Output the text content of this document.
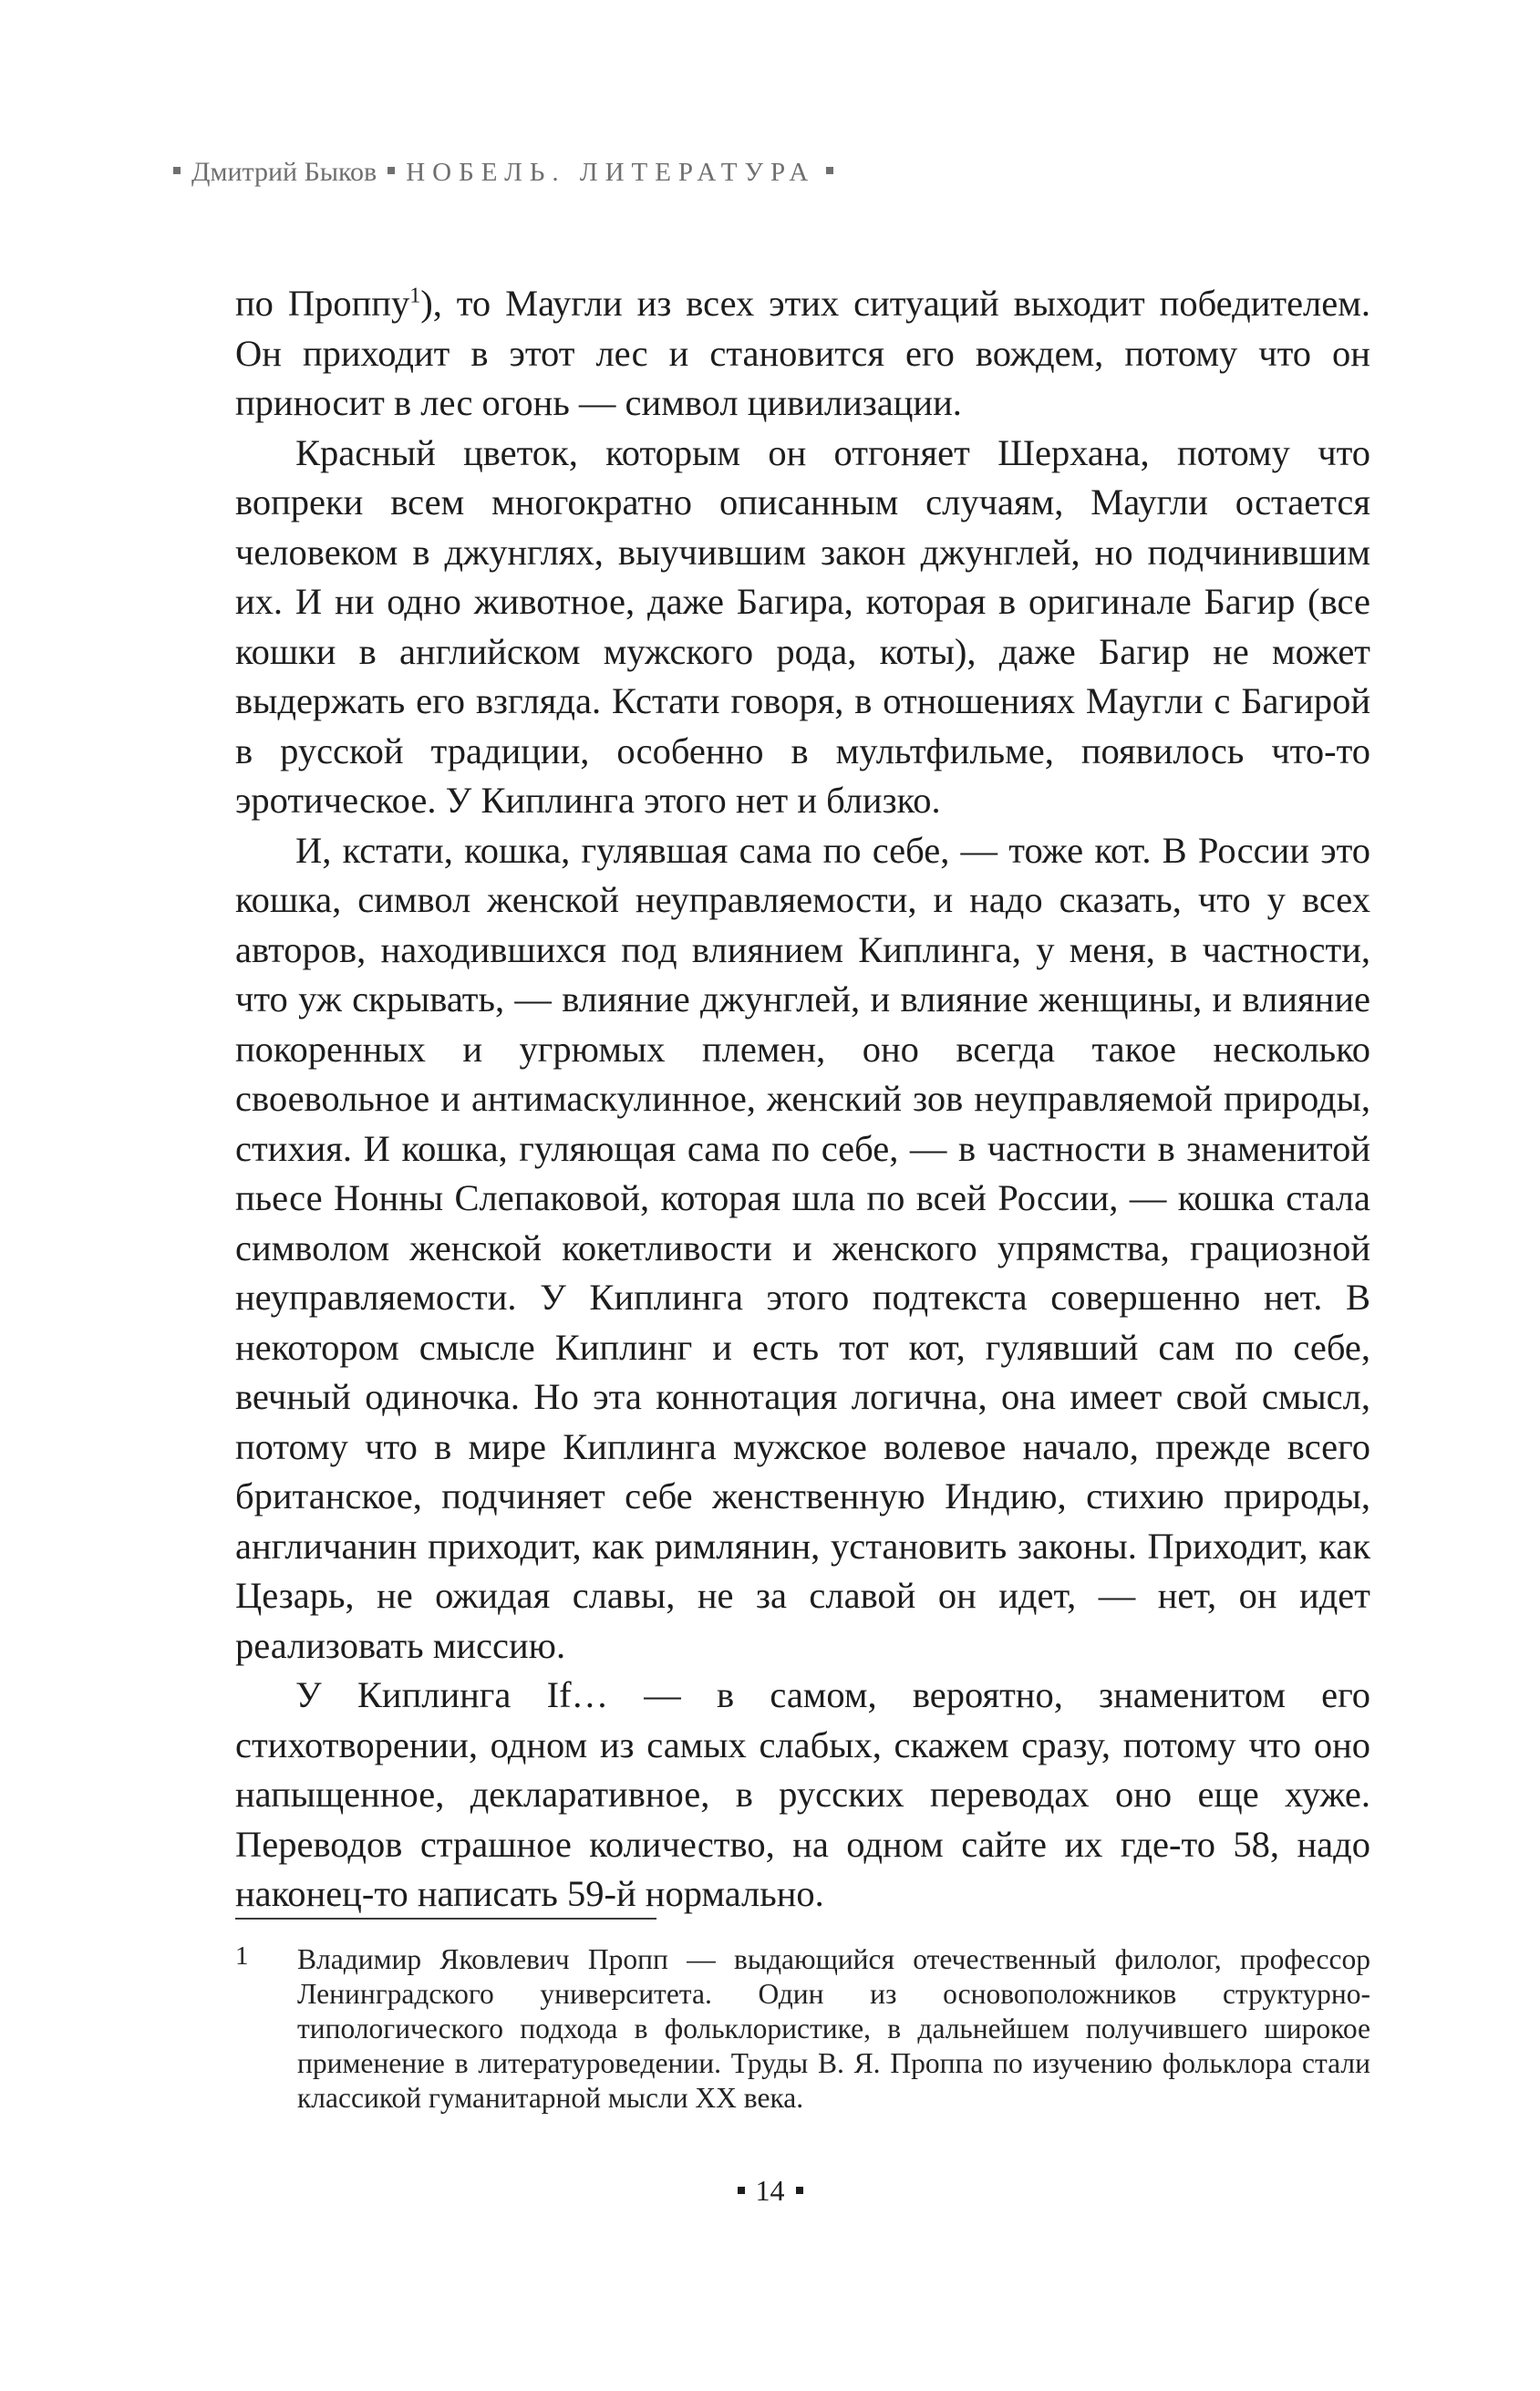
Дмитрий Быков НОБЕЛЬ. ЛИТЕРАТУРА

по Проппу$^1$), то Маугли из всех этих ситуаций выходит победителем. Он приходит в этот лес и становится его вождем, потому что он приносит в лес огонь — символ цивилизации.

Красный цветок, которым он отгоняет Шерхана, потому что вопреки всем многократно описанным случаям, Маугли остается человеком в джунглях, выучившим закон джунглей, но подчинившим их. И ни одно животное, даже Багира, которая в оригинале Багир (все кошки в английском мужского рода, коты), даже Багир не может выдержать его взгляда. Кстати говоря, в отношениях Маугли с Багирой в русской традиции, особенно в мультфильме, появилось что-то эротическое. У Киплинга этого нет и близко.

И, кстати, кошка, гулявшая сама по себе, — тоже кот. В России это кошка, символ женской неуправляемости, и надо сказать, что у всех авторов, находившихся под влиянием Киплинга, у меня, в частности, что уж скрывать, — влияние джунглей, и влияние женщины, и влияние покоренных и угрюмых племен, оно всегда такое несколько своевольное и антимаскулинное, женский зов неуправляемой природы, стихия. И кошка, гуляющая сама по себе, — в частности в знаменитой пьесе Нонны Слепаковой, которая шла по всей России, — кошка стала символом женской кокетливости и женского упрямства, грациозной неуправляемости. У Киплинга этого подтекста совершенно нет. В некотором смысле Киплинг и есть тот кот, гулявший сам по себе, вечный одиночка. Но эта коннотация логична, она имеет свой смысл, потому что в мире Киплинга мужское волевое начало, прежде всего британское, подчиняет себе женственную Индию, стихию природы, англичанин приходит, как римлянин, установить законы. Приходит, как Цезарь, не ожидая славы, не за славой он идет, — нет, он идет реализовать миссию.

У Киплинга If… — в самом, вероятно, знаменитом его стихотворении, одном из самых слабых, скажем сразу, потому что оно напыщенное, декларативное, в русских переводах оно еще хуже. Переводов страшное количество, на одном сайте их где-то 58, надо наконец-то написать 59-й нормально.

1 Владимир Яковлевич Пропп — выдающийся отечественный филолог, профессор Ленинградского университета. Один из основоположников структурно-типологического подхода в фольклористике, в дальнейшем получившего широкое применение в литературоведении. Труды В. Я. Проппа по изучению фольклора стали классикой гуманитарной мысли XX века.
14
